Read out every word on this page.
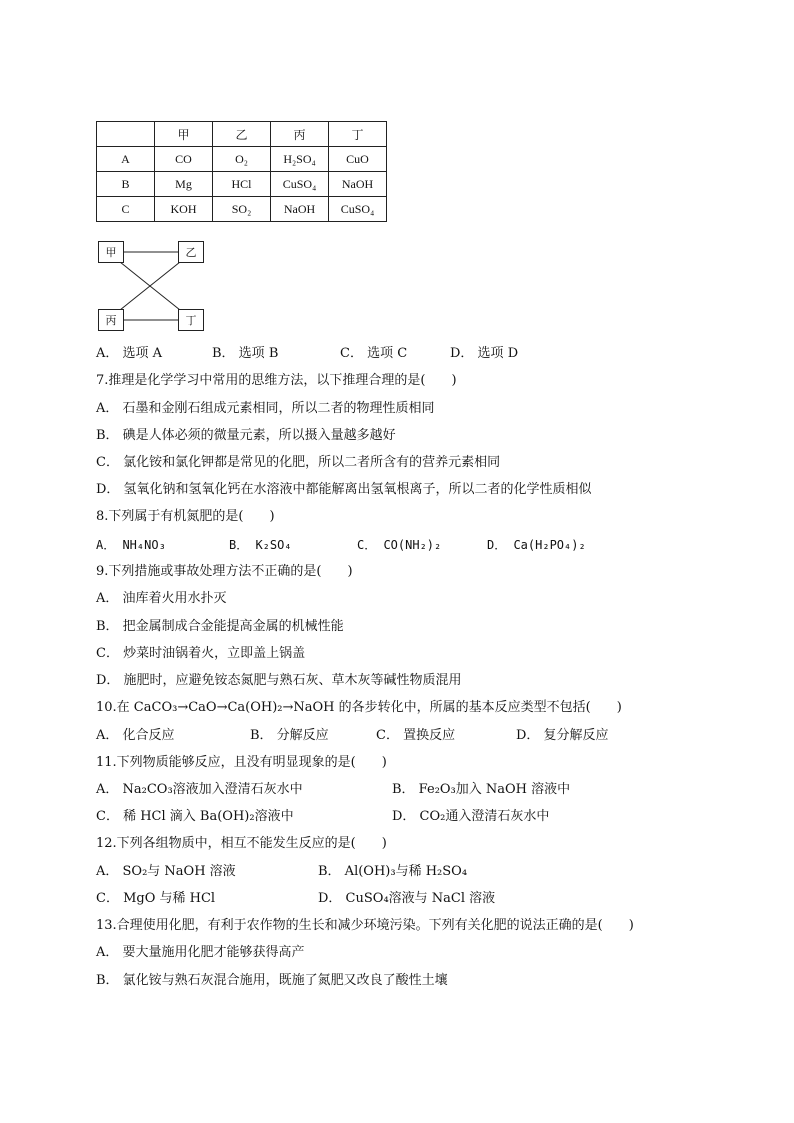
	甲	乙	丙	丁
A	CO	O₂	H₂SO₄	CuO
B	Mg	HCl	CuSO₄	NaOH
C	KOH	SO₂	NaOH	CuSO₄
甲	乙
丙	丁
A． 选项 A	B． 选项 B	C． 选项 C	D． 选项 D
7.推理是化学学习中常用的思维方法，以下推理合理的是(　　)
A． 石墨和金刚石组成元素相同，所以二者的物理性质相同
B． 碘是人体必须的微量元素，所以摄入量越多越好
C． 氯化铵和氯化钾都是常见的化肥，所以二者所含有的营养元素相同
D． 氢氧化钠和氢氧化钙在水溶液中都能解离出氢氧根离子，所以二者的化学性质相似
8.下列属于有机氮肥的是(　　)
A． NH₄NO₃	B． K₂SO₄	C． CO(NH₂)₂	D． Ca(H₂PO₄)₂
9.下列措施或事故处理方法不正确的是(　　)
A． 油库着火用水扑灭
B． 把金属制成合金能提高金属的机械性能
C． 炒菜时油锅着火，立即盖上锅盖
D． 施肥时，应避免铵态氮肥与熟石灰、草木灰等碱性物质混用
10.在 CaCO₃→CaO→Ca(OH)₂→NaOH 的各步转化中，所属的基本反应类型不包括(　　)
A． 化合反应	B． 分解反应	C． 置换反应	D． 复分解反应
11.下列物质能够反应，且没有明显现象的是(　　)
A． Na₂CO₃溶液加入澄清石灰水中	B． Fe₂O₃加入 NaOH 溶液中
C． 稀 HCl 滴入 Ba(OH)₂溶液中	D． CO₂通入澄清石灰水中
12.下列各组物质中，相互不能发生反应的是(　　)
A． SO₂与 NaOH 溶液	B． Al(OH)₃与稀 H₂SO₄
C． MgO 与稀 HCl	D． CuSO₄溶液与 NaCl 溶液
13.合理使用化肥，有利于农作物的生长和减少环境污染。下列有关化肥的说法正确的是(　　)
A． 要大量施用化肥才能够获得高产
B． 氯化铵与熟石灰混合施用，既施了氮肥又改良了酸性土壤
